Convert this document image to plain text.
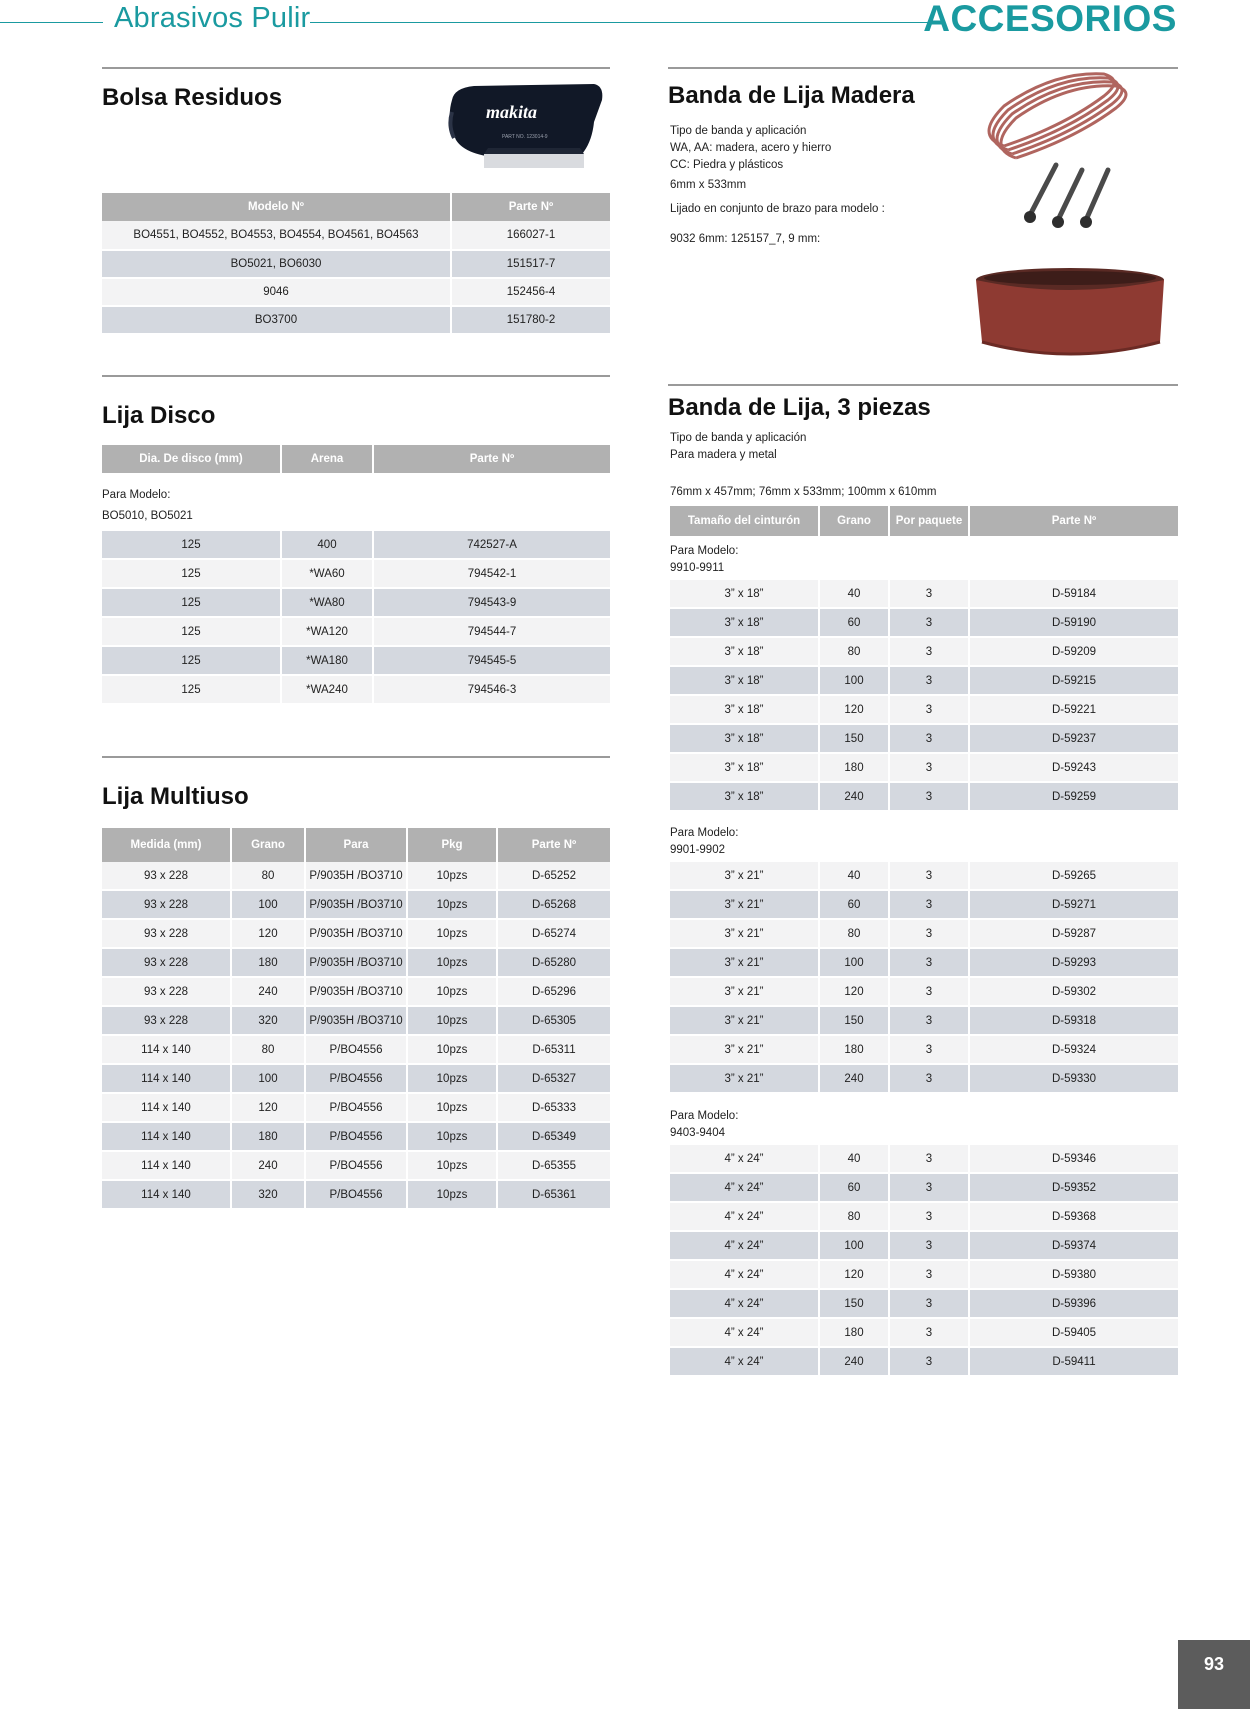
Abrasivos Pulir	ACCESORIOS
Bolsa Residuos
makita
PART NO. 123014-9
Modelo Nº	Parte Nº
BO4551, BO4552, BO4553, BO4554, BO4561, BO4563	166027-1
BO5021, BO6030	151517-7
9046	152456-4
BO3700	151780-2
Banda de Lija Madera
Tipo de banda y aplicación
WA, AA: madera, acero y hierro
CC: Piedra y plásticos
6mm x 533mm
Lijado en conjunto de brazo para modelo :
9032 6mm: 125157_7, 9 mm:
Lija Disco
Dia. De disco (mm)	Arena	Parte Nº
Para Modelo:
BO5010, BO5021
125	400	742527-A
125	*WA60	794542-1
125	*WA80	794543-9
125	*WA120	794544-7
125	*WA180	794545-5
125	*WA240	794546-3
Lija Multiuso
Medida (mm)	Grano	Para	Pkg	Parte Nº
93 x 228	80	P/9035H /BO3710	10pzs	D-65252
93 x 228	100	P/9035H /BO3710	10pzs	D-65268
93 x 228	120	P/9035H /BO3710	10pzs	D-65274
93 x 228	180	P/9035H /BO3710	10pzs	D-65280
93 x 228	240	P/9035H /BO3710	10pzs	D-65296
93 x 228	320	P/9035H /BO3710	10pzs	D-65305
114 x 140	80	P/BO4556	10pzs	D-65311
114 x 140	100	P/BO4556	10pzs	D-65327
114 x 140	120	P/BO4556	10pzs	D-65333
114 x 140	180	P/BO4556	10pzs	D-65349
114 x 140	240	P/BO4556	10pzs	D-65355
114 x 140	320	P/BO4556	10pzs	D-65361
Banda de Lija, 3 piezas
Tipo de banda y aplicación
Para madera y metal
76mm x 457mm; 76mm x 533mm; 100mm x 610mm
Tamaño del cinturón	Grano	Por paquete	Parte Nº
Para Modelo:
9910-9911
3” x 18”	40	3	D-59184
3” x 18”	60	3	D-59190
3” x 18”	80	3	D-59209
3” x 18”	100	3	D-59215
3” x 18”	120	3	D-59221
3” x 18”	150	3	D-59237
3” x 18”	180	3	D-59243
3” x 18”	240	3	D-59259
Para Modelo:
9901-9902
3” x 21”	40	3	D-59265
3” x 21”	60	3	D-59271
3” x 21”	80	3	D-59287
3” x 21”	100	3	D-59293
3” x 21”	120	3	D-59302
3” x 21”	150	3	D-59318
3” x 21”	180	3	D-59324
3” x 21”	240	3	D-59330
Para Modelo:
9403-9404
4” x 24”	40	3	D-59346
4” x 24”	60	3	D-59352
4” x 24”	80	3	D-59368
4” x 24”	100	3	D-59374
4” x 24”	120	3	D-59380
4” x 24”	150	3	D-59396
4” x 24”	180	3	D-59405
4” x 24”	240	3	D-59411
93
